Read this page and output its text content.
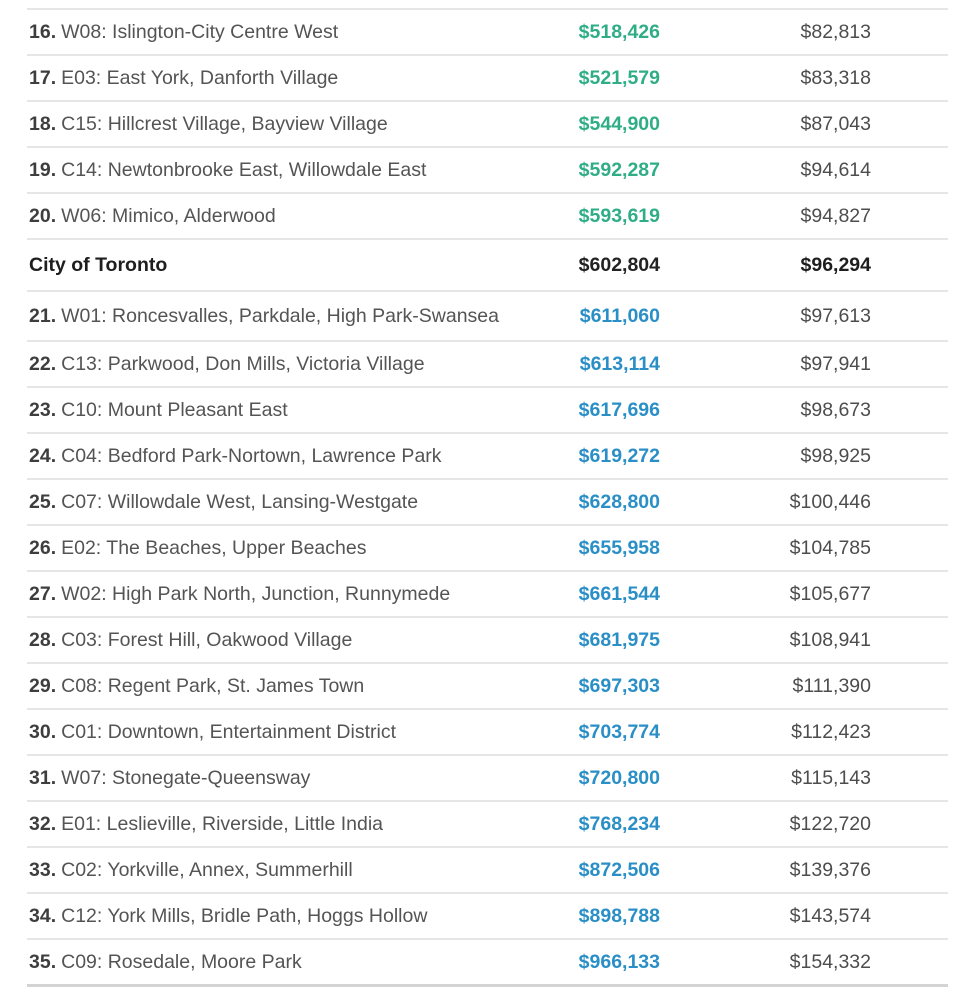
16. W08: Islington-City Centre West	$518,426	$82,813
17. E03: East York, Danforth Village	$521,579	$83,318
18. C15: Hillcrest Village, Bayview Village	$544,900	$87,043
19. C14: Newtonbrooke East, Willowdale East	$592,287	$94,614
20. W06: Mimico, Alderwood	$593,619	$94,827
City of Toronto	$602,804	$96,294
21. W01: Roncesvalles, Parkdale, High Park-Swansea	$611,060	$97,613
22. C13: Parkwood, Don Mills, Victoria Village	$613,114	$97,941
23. C10: Mount Pleasant East	$617,696	$98,673
24. C04: Bedford Park-Nortown, Lawrence Park	$619,272	$98,925
25. C07: Willowdale West, Lansing-Westgate	$628,800	$100,446
26. E02: The Beaches, Upper Beaches	$655,958	$104,785
27. W02: High Park North, Junction, Runnymede	$661,544	$105,677
28. C03: Forest Hill, Oakwood Village	$681,975	$108,941
29. C08: Regent Park, St. James Town	$697,303	$111,390
30. C01: Downtown, Entertainment District	$703,774	$112,423
31. W07: Stonegate-Queensway	$720,800	$115,143
32. E01: Leslieville, Riverside, Little India	$768,234	$122,720
33. C02: Yorkville, Annex, Summerhill	$872,506	$139,376
34. C12: York Mills, Bridle Path, Hoggs Hollow	$898,788	$143,574
35. C09: Rosedale, Moore Park	$966,133	$154,332
